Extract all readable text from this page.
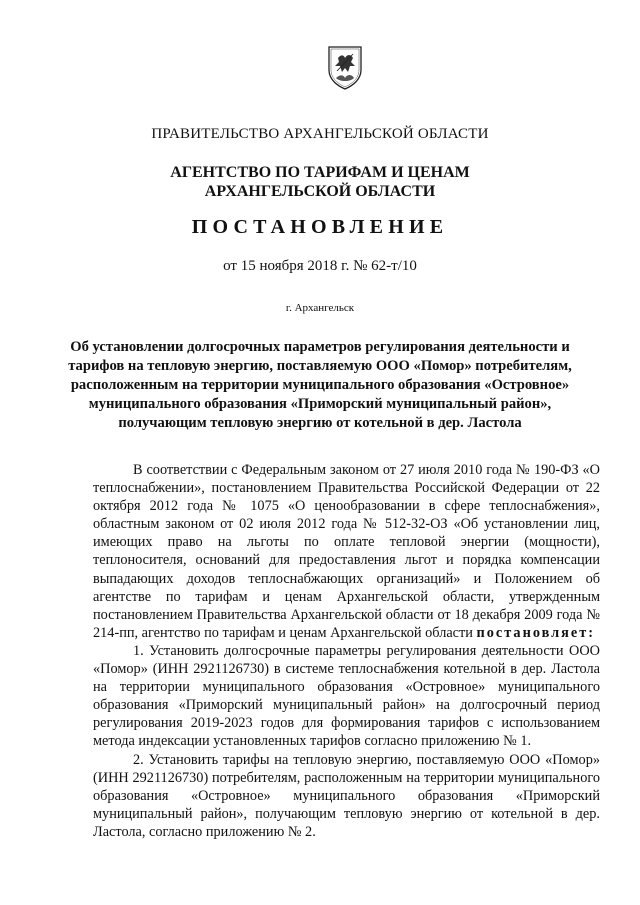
ПРАВИТЕЛЬСТВО АРХАНГЕЛЬСКОЙ ОБЛАСТИ
АГЕНТСТВО ПО ТАРИФАМ И ЦЕНАМ
АРХАНГЕЛЬСКОЙ ОБЛАСТИ
ПОСТАНОВЛЕНИЕ
от 15 ноября 2018 г. № 62-т/10
г. Архангельск
Об установлении долгосрочных параметров регулирования деятельности и тарифов на тепловую энергию, поставляемую ООО «Помор» потребителям, расположенным на территории муниципального образования «Островное» муниципального образования «Приморский муниципальный район», получающим тепловую энергию от котельной в дер. Ластола

В соответствии с Федеральным законом от 27 июля 2010 года № 190-ФЗ «О теплоснабжении», постановлением Правительства Российской Федерации от 22 октября 2012 года № 1075 «О ценообразовании в сфере теплоснабжения», областным законом от 02 июля 2012 года № 512-32-ОЗ «Об установлении лиц, имеющих право на льготы по оплате тепловой энергии (мощности), теплоносителя, оснований для предоставления льгот и порядка компенсации выпадающих доходов теплоснабжающих организаций» и Положением об агентстве по тарифам и ценам Архангельской области, утвержденным постановлением Правительства Архангельской области от 18 декабря 2009 года № 214-пп, агентство по тарифам и ценам Архангельской области постановляет:

1. Установить долгосрочные параметры регулирования деятельности ООО «Помор» (ИНН 2921126730) в системе теплоснабжения котельной в дер. Ластола на территории муниципального образования «Островное» муниципального образования «Приморский муниципальный район» на долгосрочный период регулирования 2019-2023 годов для формирования тарифов с использованием метода индексации установленных тарифов согласно приложению № 1.

2. Установить тарифы на тепловую энергию, поставляемую ООО «Помор» (ИНН 2921126730) потребителям, расположенным на территории муниципального образования «Островное» муниципального образования «Приморский муниципальный район», получающим тепловую энергию от котельной в дер. Ластола, согласно приложению № 2.
